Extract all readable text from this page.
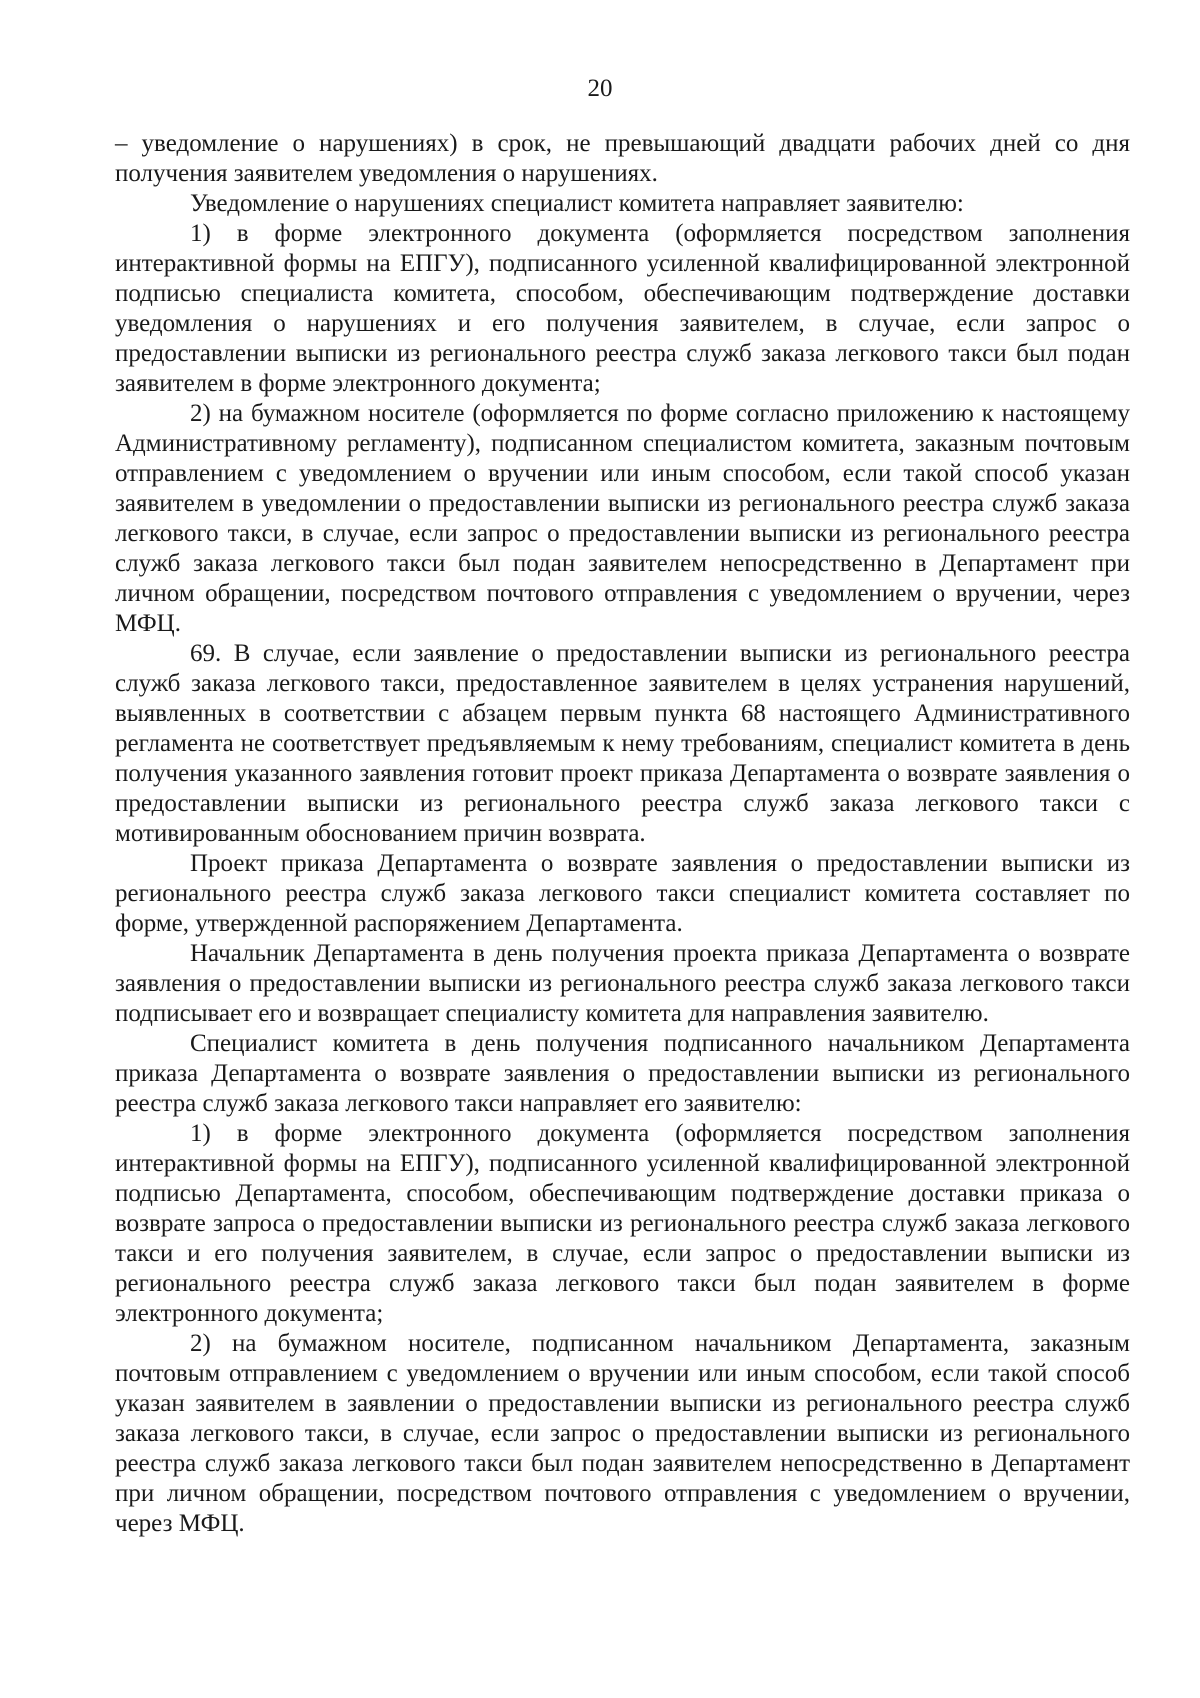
20

– уведомление о нарушениях) в срок, не превышающий двадцати рабочих дней со дня получения заявителем уведомления о нарушениях.

Уведомление о нарушениях специалист комитета направляет заявителю:

1) в форме электронного документа (оформляется посредством заполнения интерактивной формы на ЕПГУ), подписанного усиленной квалифицированной электронной подписью специалиста комитета, способом, обеспечивающим подтверждение доставки уведомления о нарушениях и его получения заявителем, в случае, если запрос о предоставлении выписки из регионального реестра служб заказа легкового такси был подан заявителем в форме электронного документа;

2) на бумажном носителе (оформляется по форме согласно приложению к настоящему Административному регламенту), подписанном специалистом комитета, заказным почтовым отправлением с уведомлением о вручении или иным способом, если такой способ указан заявителем в уведомлении о предоставлении выписки из регионального реестра служб заказа легкового такси, в случае, если запрос о предоставлении выписки из регионального реестра служб заказа легкового такси был подан заявителем непосредственно в Департамент при личном обращении, посредством почтового отправления с уведомлением о вручении, через МФЦ.

69. В случае, если заявление о предоставлении выписки из регионального реестра служб заказа легкового такси, предоставленное заявителем в целях устранения нарушений, выявленных в соответствии с абзацем первым пункта 68 настоящего Административного регламента не соответствует предъявляемым к нему требованиям, специалист комитета в день получения указанного заявления готовит проект приказа Департамента о возврате заявления о предоставлении выписки из регионального реестра служб заказа легкового такси с мотивированным обоснованием причин возврата.

Проект приказа Департамента о возврате заявления о предоставлении выписки из регионального реестра служб заказа легкового такси специалист комитета составляет по форме, утвержденной распоряжением Департамента.

Начальник Департамента в день получения проекта приказа Департамента о возврате заявления о предоставлении выписки из регионального реестра служб заказа легкового такси подписывает его и возвращает специалисту комитета для направления заявителю.

Специалист комитета в день получения подписанного начальником Департамента приказа Департамента о возврате заявления о предоставлении выписки из регионального реестра служб заказа легкового такси направляет его заявителю:

1) в форме электронного документа (оформляется посредством заполнения интерактивной формы на ЕПГУ), подписанного усиленной квалифицированной электронной подписью Департамента, способом, обеспечивающим подтверждение доставки приказа о возврате запроса о предоставлении выписки из регионального реестра служб заказа легкового такси и его получения заявителем, в случае, если запрос о предоставлении выписки из регионального реестра служб заказа легкового такси был подан заявителем в форме электронного документа;

2) на бумажном носителе, подписанном начальником Департамента, заказным почтовым отправлением с уведомлением о вручении или иным способом, если такой способ указан заявителем в заявлении о предоставлении выписки из регионального реестра служб заказа легкового такси, в случае, если запрос о предоставлении выписки из регионального реестра служб заказа легкового такси был подан заявителем непосредственно в Департамент при личном обращении, посредством почтового отправления с уведомлением о вручении, через МФЦ.
